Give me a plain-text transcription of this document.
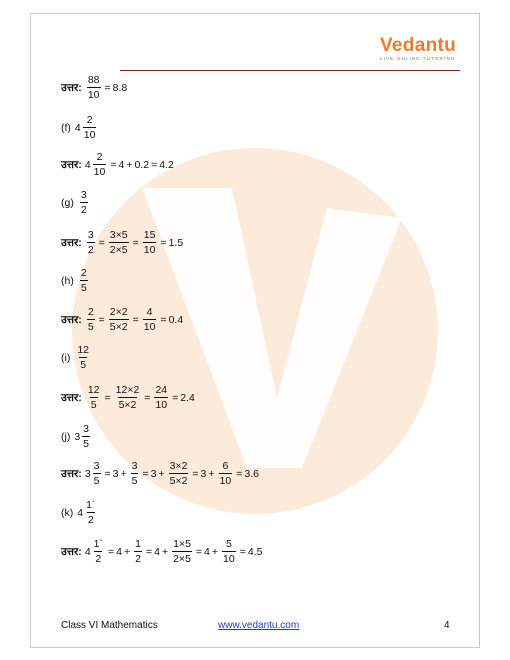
Vedantu
LIVE ONLINE TUTORING
उत्तर: $\frac{88}{10} = 8.8$
(f) $4 \frac{2}{10}$
उत्तर: $4 \frac{2}{10} = 4 + 0.2 = 4.2$
$(g) \frac{3}{2}$
उत्तर: $\frac{3}{2} = \frac{3\times 5}{2\times 5} = \frac{15}{10} = 1.5$
$(h) \frac{2}{5}$
उत्तर: $\frac{2}{5} = \frac{2\times 2}{5\times 2} = \frac{4}{10} = 0.4$
$(i) \frac{12}{5}$
उत्तर: $\frac{12}{5} = \frac{12\times 2}{5\times 2} = \frac{24}{10} = 2.4$
(j) $3 \frac{3}{5}$
उत्तर: $3 \frac{3}{5} = 3 + \frac{3}{5} = 3 + \frac{3\times 2}{5\times 2} = 3 + \frac{6}{10} = 3.6$
(k) $4 \frac{1`}{2}$
उत्तर: $4 \frac{1`}{2} = 4 + \frac{1}{2} = 4 + \frac{1\times 5}{2\times 5} = 4 + \frac{5}{10} = 4.5$
Class VI Mathematics	www.vedantu.com	4
